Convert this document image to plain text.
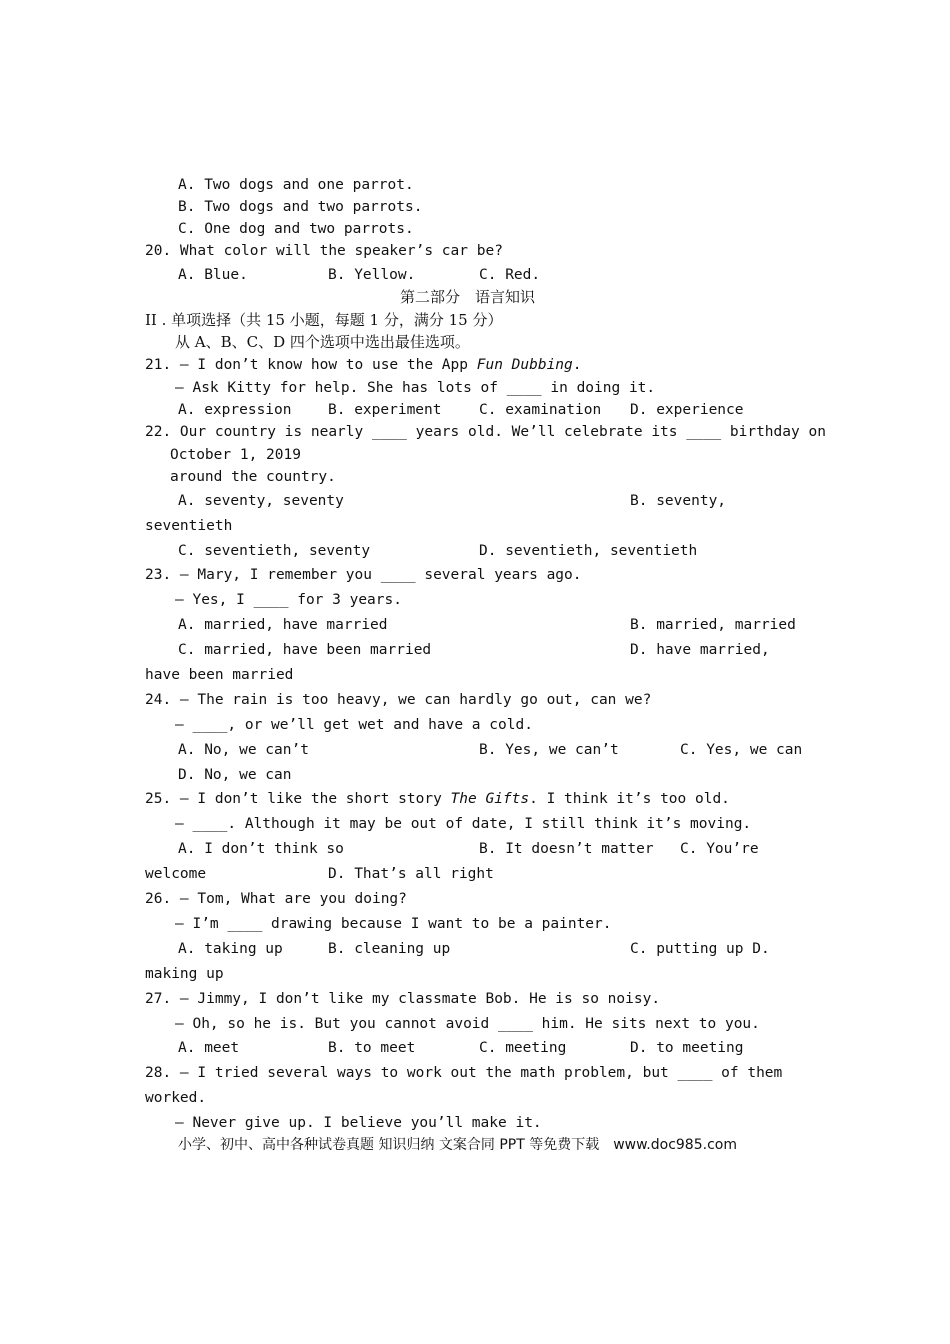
A. Two dogs and one parrot.
B. Two dogs and two parrots.
C. One dog and two parrots.
20. What color will the speaker’s car be?
A. Blue.	B. Yellow.	C. Red.
第二部分　语言知识
II . 单项选择（共 15 小题，每题 1 分，满分 15 分）
从 A、B、C、D 四个选项中选出最佳选项。
21. – I don’t know how to use the App Fun Dubbing.
– Ask Kitty for help. She has lots of ____ in doing it.
A. expression	B. experiment	C. examination D. experience
22. Our country is nearly ____ years old. We’ll celebrate its ____ birthday on
October 1, 2019
around the country.
A. seventy, seventy	B. seventy,
seventieth
C. seventieth, seventy	D. seventieth, seventieth
23. – Mary, I remember you ____ several years ago.
– Yes, I ____ for 3 years.
A. married, have married	B. married, married
C. married, have been married	D. have married,
have been married
24. – The rain is too heavy, we can hardly go out, can we?
– ____, or we’ll get wet and have a cold.
A. No, we can’t	B. Yes, we can’t	C. Yes, we can
D. No, we can
25. – I don’t like the short story The Gifts. I think it’s too old.
– ____. Although it may be out of date, I still think it’s moving.
A. I don’t think so	B. It doesn’t matter C. You’re
welcome	D. That’s all right
26. – Tom, What are you doing?
– I’m ____ drawing because I want to be a painter.
A. taking up	B. cleaning up	C. putting up D.
making up
27. – Jimmy, I don’t like my classmate Bob. He is so noisy.
– Oh, so he is. But you cannot avoid ____ him. He sits next to you.
A. meet	B. to meet	C. meeting	D. to meeting
28. – I tried several ways to work out the math problem, but ____ of them
worked.
– Never give up. I believe you’ll make it.
小学、初中、高中各种试卷真题 知识归纳 文案合同 PPT 等免费下载　www.doc985.com
